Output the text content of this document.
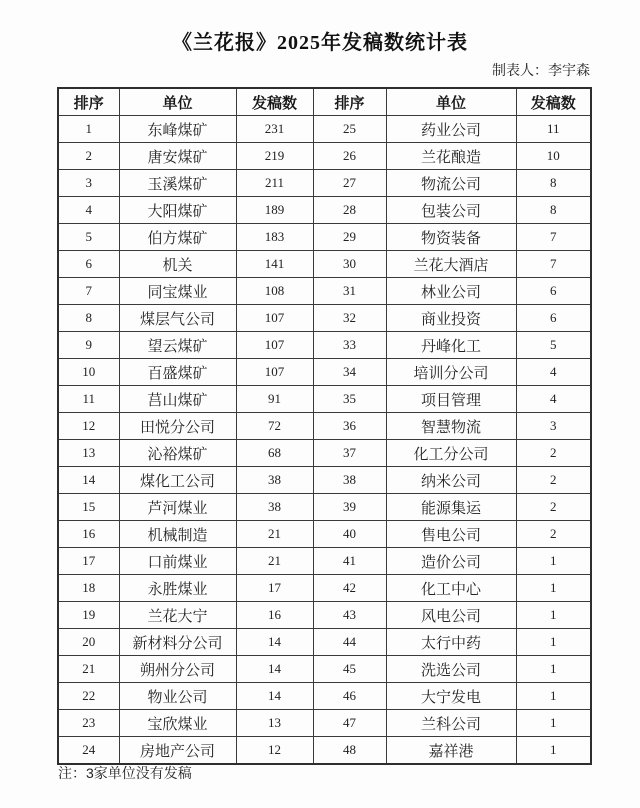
《兰花报》2025年发稿数统计表
制表人：李宇森
排序	单位	发稿数	排序	单位	发稿数
1	东峰煤矿	231	25	药业公司	11
2	唐安煤矿	219	26	兰花酿造	10
3	玉溪煤矿	211	27	物流公司	8
4	大阳煤矿	189	28	包装公司	8
5	伯方煤矿	183	29	物资装备	7
6	机关	141	30	兰花大酒店	7
7	同宝煤业	108	31	林业公司	6
8	煤层气公司	107	32	商业投资	6
9	望云煤矿	107	33	丹峰化工	5
10	百盛煤矿	107	34	培训分公司	4
11	莒山煤矿	91	35	项目管理	4
12	田悦分公司	72	36	智慧物流	3
13	沁裕煤矿	68	37	化工分公司	2
14	煤化工公司	38	38	纳米公司	2
15	芦河煤业	38	39	能源集运	2
16	机械制造	21	40	售电公司	2
17	口前煤业	21	41	造价公司	1
18	永胜煤业	17	42	化工中心	1
19	兰花大宁	16	43	风电公司	1
20	新材料分公司	14	44	太行中药	1
21	朔州分公司	14	45	洗选公司	1
22	物业公司	14	46	大宁发电	1
23	宝欣煤业	13	47	兰科公司	1
24	房地产公司	12	48	嘉祥港	1
注：3家单位没有发稿
